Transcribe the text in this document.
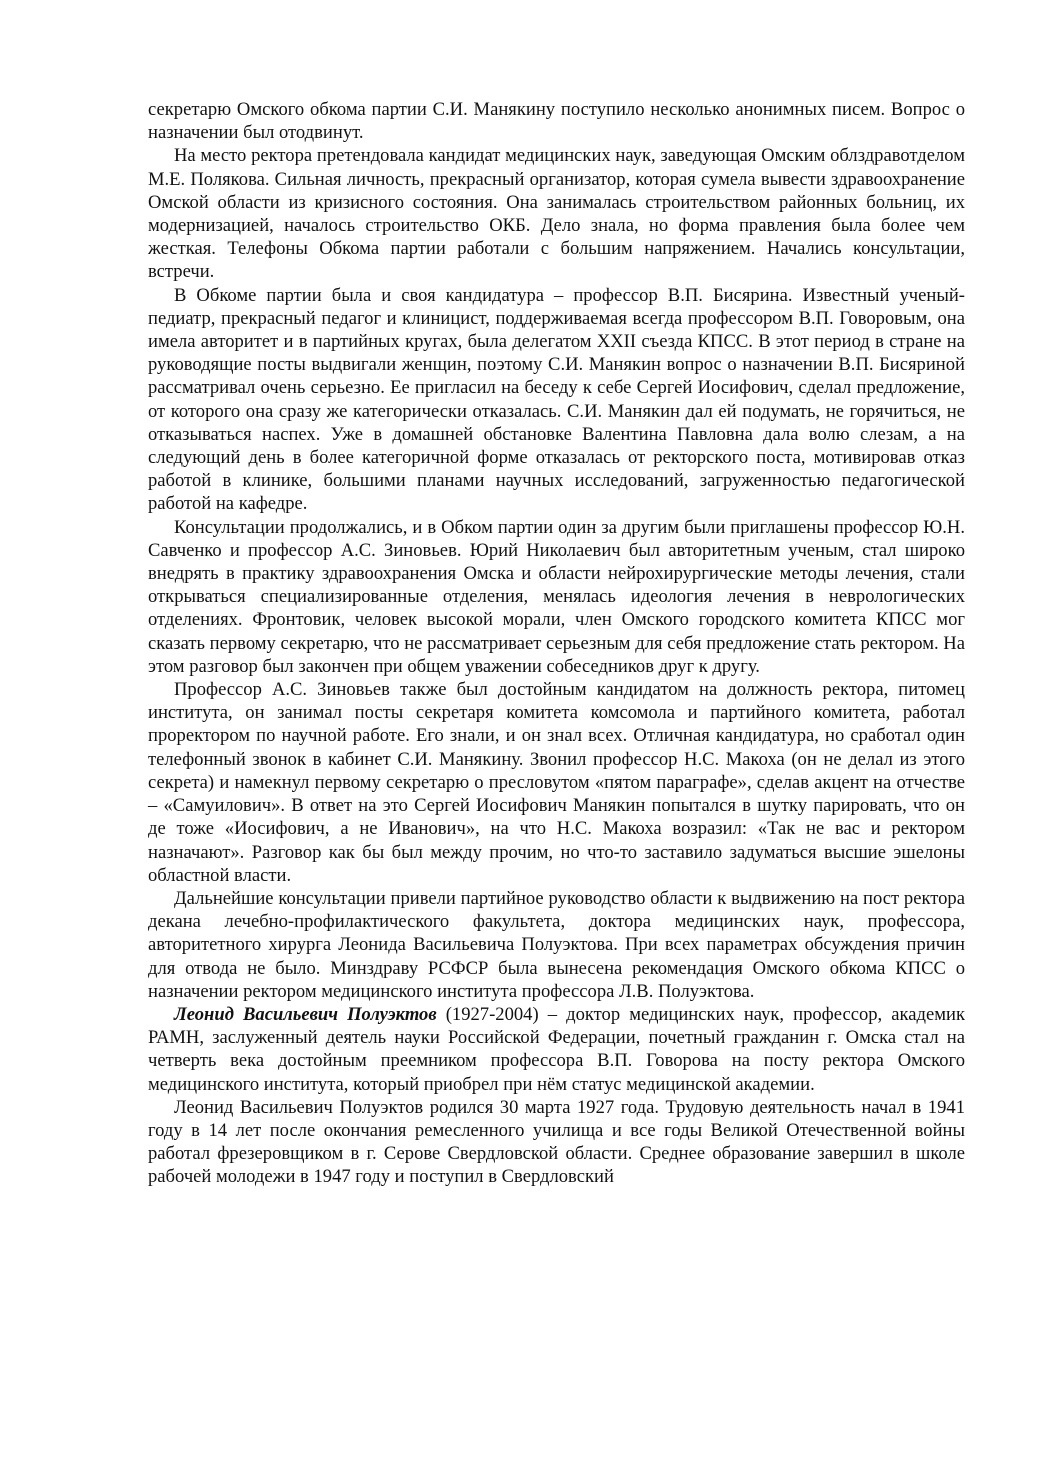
секретарю Омского обкома партии С.И. Манякину поступило несколько анонимных писем. Вопрос о назначении был отодвинут.

На место ректора претендовала кандидат медицинских наук, заведующая Омским облздравотделом М.Е. Полякова. Сильная личность, прекрасный организатор, которая сумела вывести здравоохранение Омской области из кризисного состояния. Она занималась строительством районных больниц, их модернизацией, началось строительство ОКБ. Дело знала, но форма правления была более чем жесткая. Телефоны Обкома партии работали с большим напряжением. Начались консультации, встречи.

В Обкоме партии была и своя кандидатура – профессор В.П. Бисярина. Известный ученый-педиатр, прекрасный педагог и клиницист, поддерживаемая всегда профессором В.П. Говоровым, она имела авторитет и в партийных кругах, была делегатом XXII съезда КПСС. В этот период в стране на руководящие посты выдвигали женщин, поэтому С.И. Манякин вопрос о назначении В.П. Бисяриной рассматривал очень серьезно. Ее пригласил на беседу к себе Сергей Иосифович, сделал предложение, от которого она сразу же категорически отказалась. С.И. Манякин дал ей подумать, не горячиться, не отказываться наспех. Уже в домашней обстановке Валентина Павловна дала волю слезам, а на следующий день в более категоричной форме отказалась от ректорского поста, мотивировав отказ работой в клинике, большими планами научных исследований, загруженностью педагогической работой на кафедре.

Консультации продолжались, и в Обком партии один за другим были приглашены профессор Ю.Н. Савченко и профессор А.С. Зиновьев. Юрий Николаевич был авторитетным ученым, стал широко внедрять в практику здравоохранения Омска и области нейрохирургические методы лечения, стали открываться специализированные отделения, менялась идеология лечения в неврологических отделениях. Фронтовик, человек высокой морали, член Омского городского комитета КПСС мог сказать первому секретарю, что не рассматривает серьезным для себя предложение стать ректором. На этом разговор был закончен при общем уважении собеседников друг к другу.

Профессор А.С. Зиновьев также был достойным кандидатом на должность ректора, питомец института, он занимал посты секретаря комитета комсомола и партийного комитета, работал проректором по научной работе. Его знали, и он знал всех. Отличная кандидатура, но сработал один телефонный звонок в кабинет С.И. Манякину. Звонил профессор Н.С. Макоха (он не делал из этого секрета) и намекнул первому секретарю о пресловутом «пятом параграфе», сделав акцент на отчестве – «Самуилович». В ответ на это Сергей Иосифович Манякин попытался в шутку парировать, что он де тоже «Иосифович, а не Иванович», на что Н.С. Макоха возразил: «Так не вас и ректором назначают». Разговор как бы был между прочим, но что-то заставило задуматься высшие эшелоны областной власти.

Дальнейшие консультации привели партийное руководство области к выдвижению на пост ректора декана лечебно-профилактического факультета, доктора медицинских наук, профессора, авторитетного хирурга Леонида Васильевича Полуэктова. При всех параметрах обсуждения причин для отвода не было. Минздраву РСФСР была вынесена рекомендация Омского обкома КПСС о назначении ректором медицинского института профессора Л.В. Полуэктова.

Леонид Васильевич Полуэктов (1927-2004) – доктор медицинских наук, профессор, академик РАМН, заслуженный деятель науки Российской Федерации, почетный гражданин г. Омска стал на четверть века достойным преемником профессора В.П. Говорова на посту ректора Омского медицинского института, который приобрел при нём статус медицинской академии.

Леонид Васильевич Полуэктов родился 30 марта 1927 года. Трудовую деятельность начал в 1941 году в 14 лет после окончания ремесленного училища и все годы Великой Отечественной войны работал фрезеровщиком в г. Серове Свердловской области. Среднее образование завершил в школе рабочей молодежи в 1947 году и поступил в Свердловский
